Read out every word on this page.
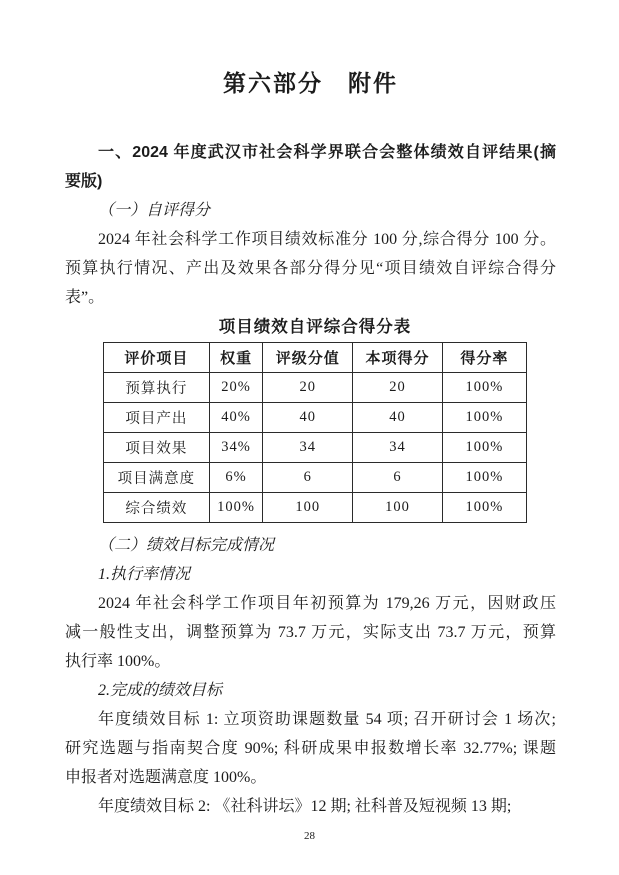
第六部分　附件
一、2024 年度武汉市社会科学界联合会整体绩效自评结果(摘
要版)
（一）自评得分
2024 年社会科学工作项目绩效标准分 100 分,综合得分 100 分。
预算执行情况、产出及效果各部分得分见“项目绩效自评综合得分
表”。
项目绩效自评综合得分表
评价项目	权重	评级分值	本项得分	得分率
预算执行	20%	20	20	100%
项目产出	40%	40	40	100%
项目效果	34%	34	34	100%
项目满意度	6%	6	6	100%
综合绩效	100%	100	100	100%
（二）绩效目标完成情况
1.执行率情况
2024 年社会科学工作项目年初预算为 179,26 万元，因财政压
减一般性支出，调整预算为 73.7 万元，实际支出 73.7 万元，预算
执行率 100%。
2.完成的绩效目标
年度绩效目标 1: 立项资助课题数量 54 项; 召开研讨会 1 场次;
研究选题与指南契合度 90%; 科研成果申报数增长率 32.77%; 课题
申报者对选题满意度 100%。
年度绩效目标 2: 《社科讲坛》12 期; 社科普及短视频 13 期;
28
